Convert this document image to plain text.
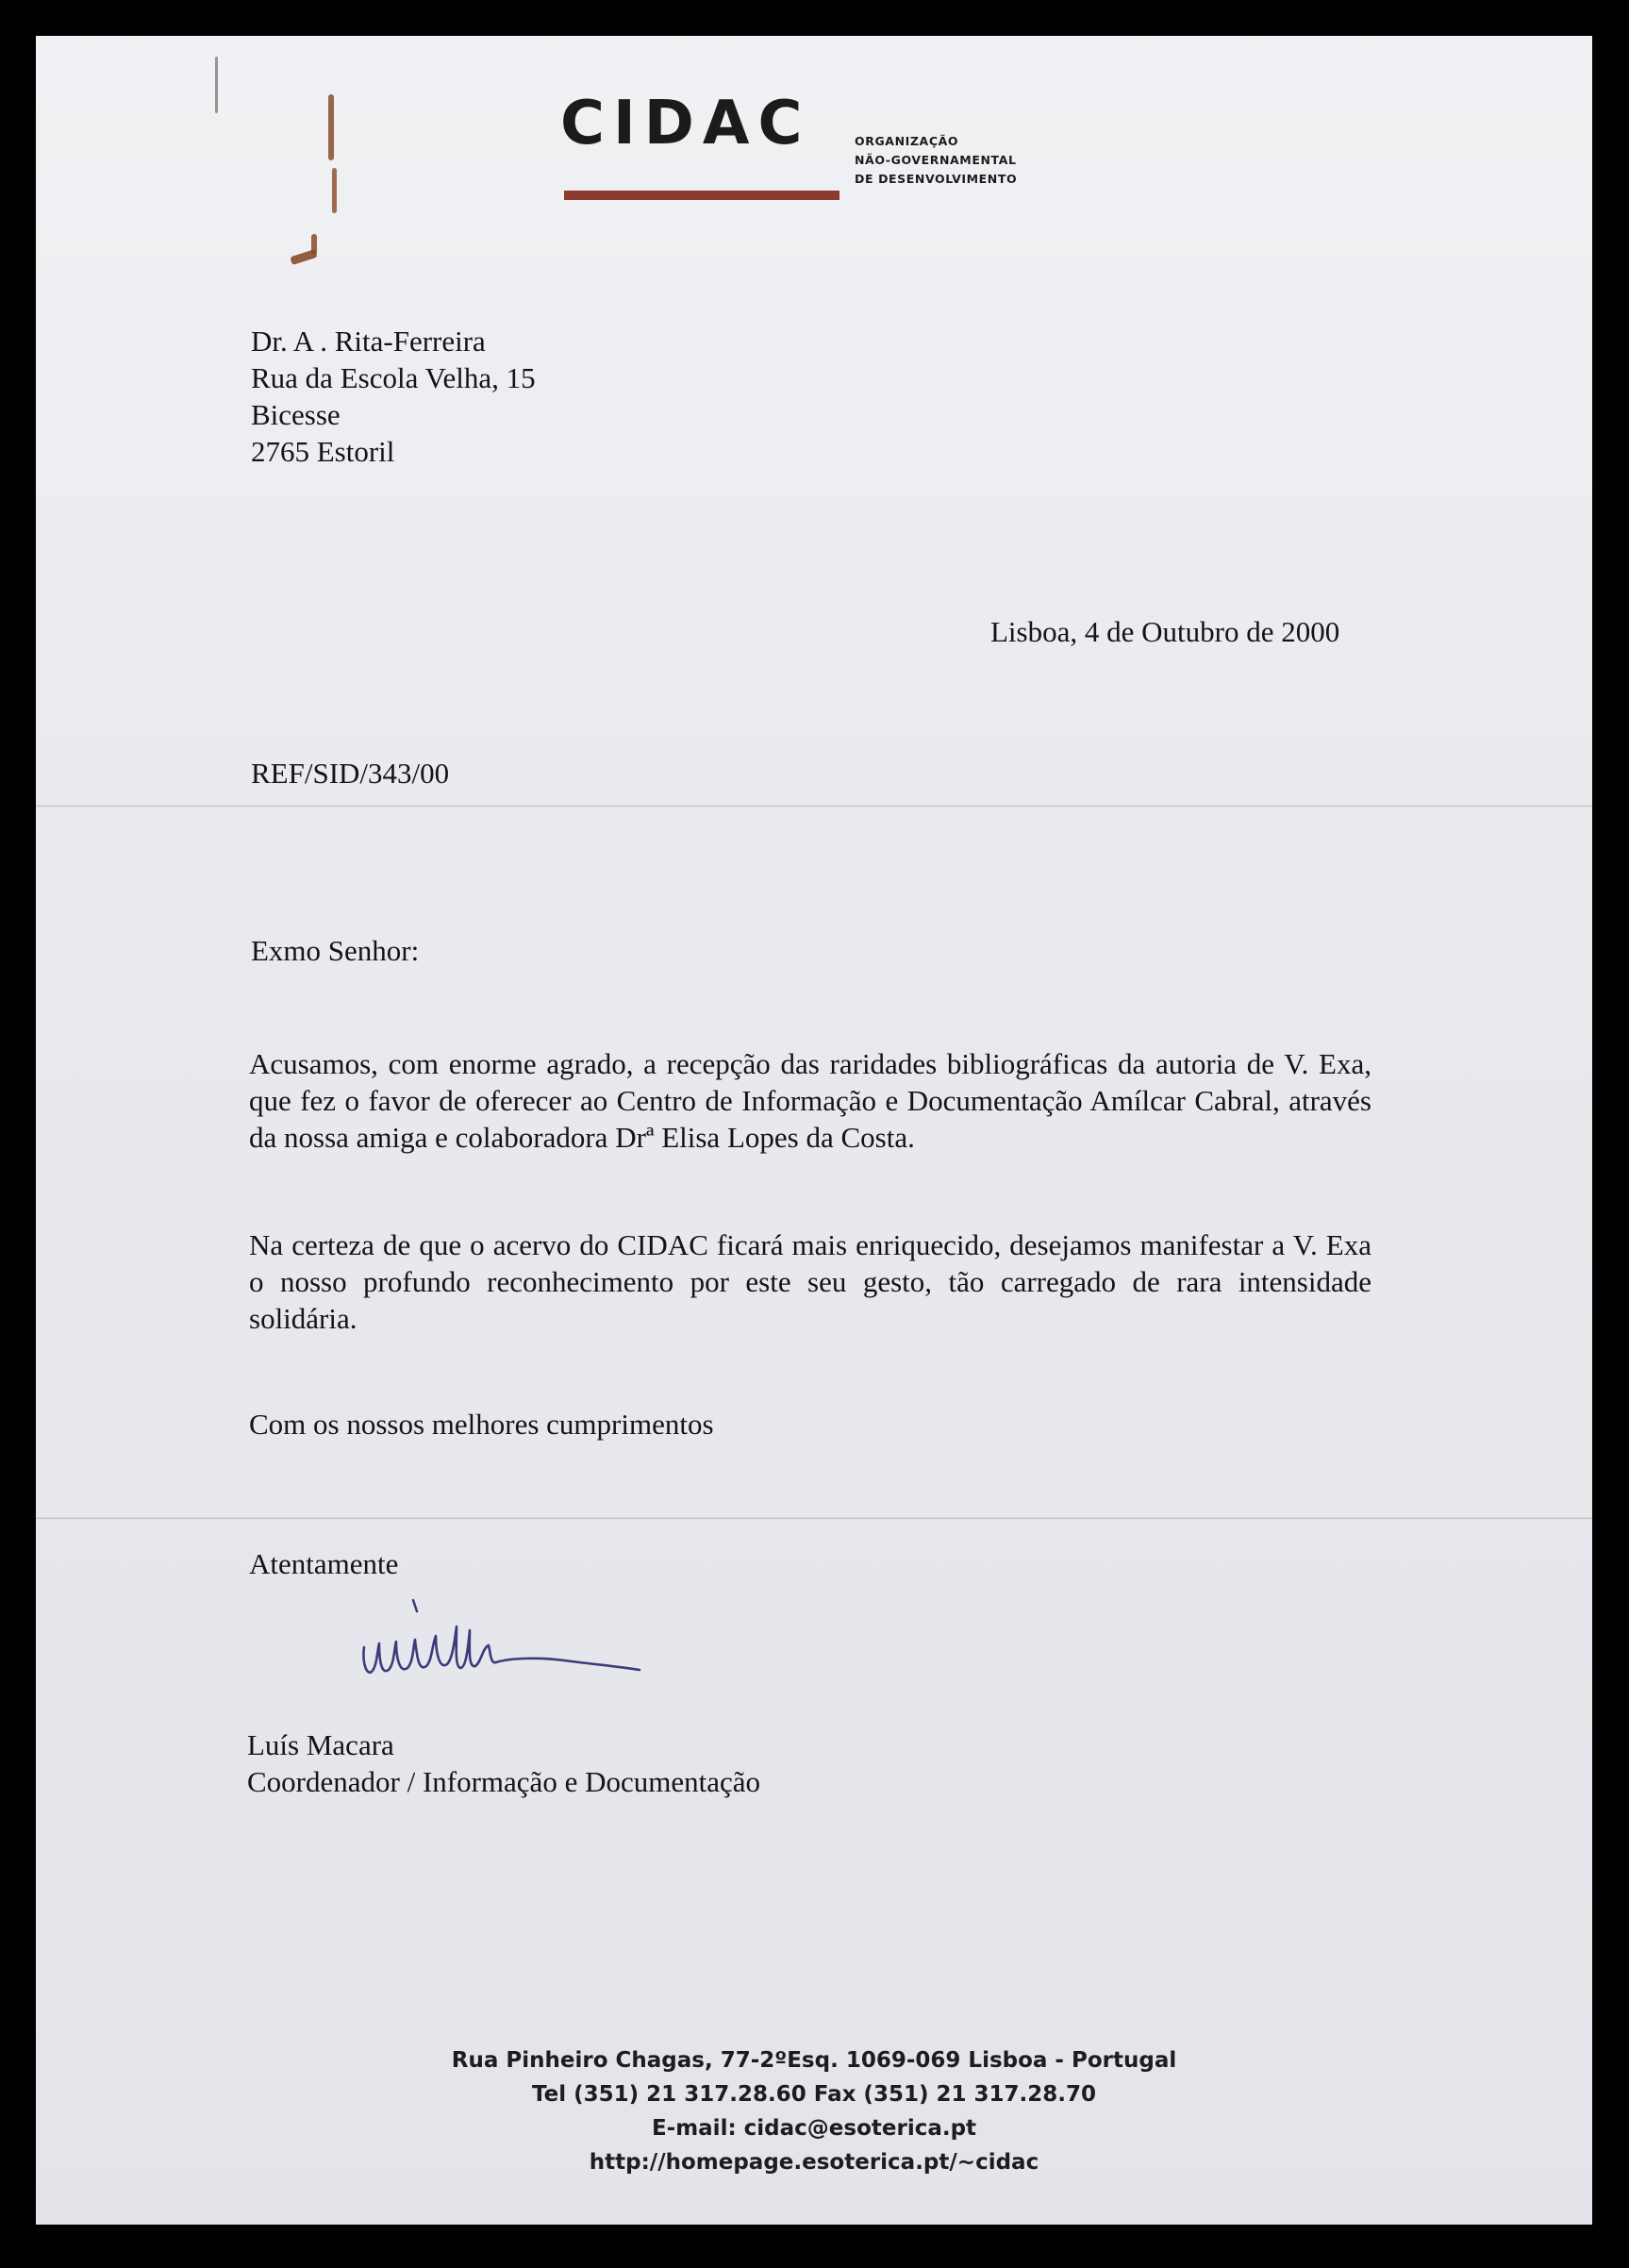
CIDAC	ORGANIZAÇÃO
NÃO-GOVERNAMENTAL
DE DESENVOLVIMENTO
Dr. A . Rita-Ferreira
Rua da Escola Velha, 15
Bicesse
2765 Estoril
Lisboa, 4 de Outubro de 2000
REF/SID/343/00
Exmo Senhor:

Acusamos, com enorme agrado, a recepção das raridades bibliográficas da autoria de V. Exa, que fez o favor de oferecer ao Centro de Informação e Documentação Amílcar Cabral, através da nossa amiga e colaboradora Drª Elisa Lopes da Costa.

Na certeza de que o acervo do CIDAC ficará mais enriquecido, desejamos manifestar a V. Exa o nosso profundo reconhecimento por este seu gesto, tão carregado de rara intensidade solidária.

Com os nossos melhores cumprimentos
Atentamente
Luís Macara
Coordenador / Informação e Documentação
Rua Pinheiro Chagas, 77-2ºEsq. 1069-069 Lisboa - Portugal
Tel (351) 21 317.28.60 Fax (351) 21 317.28.70
E-mail: cidac@esoterica.pt
http://homepage.esoterica.pt/~cidac
